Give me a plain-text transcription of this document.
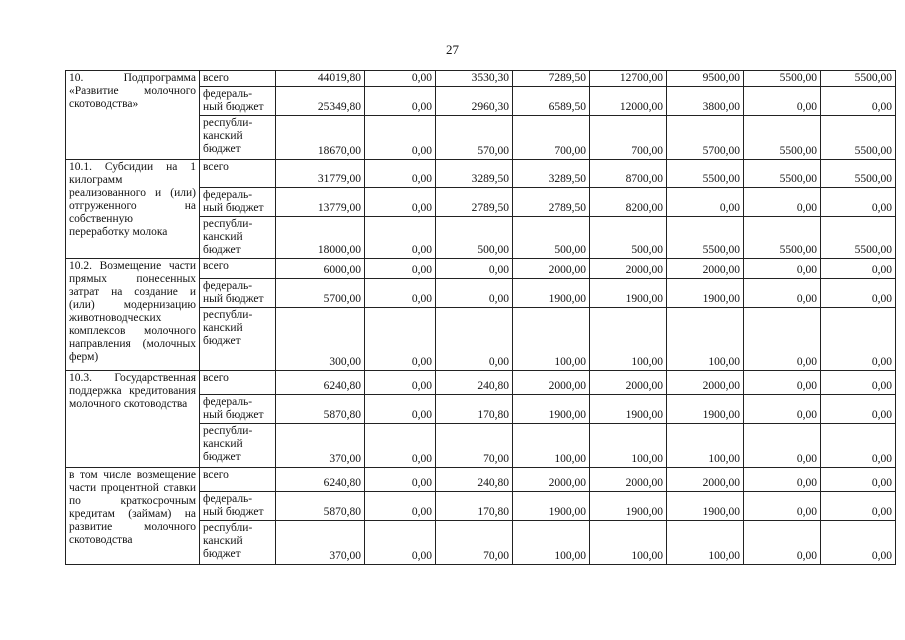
27
10. Подпрограмма «Развитие молочного скотоводства»	всего	44019,80	0,00	3530,30	7289,50	12700,00	9500,00	5500,00	5500,00
	федераль-ный бюджет	25349,80	0,00	2960,30	6589,50	12000,00	3800,00	0,00	0,00
	республи-канский бюджет	18670,00	0,00	570,00	700,00	700,00	5700,00	5500,00	5500,00
10.1. Субсидии на 1 килограмм реализованного и (или) отгруженного на собственную переработку молока	всего	31779,00	0,00	3289,50	3289,50	8700,00	5500,00	5500,00	5500,00
	федераль-ный бюджет	13779,00	0,00	2789,50	2789,50	8200,00	0,00	0,00	0,00
	республи-канский бюджет	18000,00	0,00	500,00	500,00	500,00	5500,00	5500,00	5500,00
10.2. Возмещение части прямых понесенных затрат на создание и (или) модернизацию животноводческих комплексов молочного направления (молочных ферм)	всего	6000,00	0,00	0,00	2000,00	2000,00	2000,00	0,00	0,00
	федераль-ный бюджет	5700,00	0,00	0,00	1900,00	1900,00	1900,00	0,00	0,00
	республи-канский бюджет	300,00	0,00	0,00	100,00	100,00	100,00	0,00	0,00
10.3. Государственная поддержка кредитования молочного скотоводства	всего	6240,80	0,00	240,80	2000,00	2000,00	2000,00	0,00	0,00
	федераль-ный бюджет	5870,80	0,00	170,80	1900,00	1900,00	1900,00	0,00	0,00
	республи-канский бюджет	370,00	0,00	70,00	100,00	100,00	100,00	0,00	0,00
в том числе возмещение части процентной ставки по краткосрочным кредитам (займам) на развитие молочного скотоводства	всего	6240,80	0,00	240,80	2000,00	2000,00	2000,00	0,00	0,00
	федераль-ный бюджет	5870,80	0,00	170,80	1900,00	1900,00	1900,00	0,00	0,00
	республи-канский бюджет	370,00	0,00	70,00	100,00	100,00	100,00	0,00	0,00
